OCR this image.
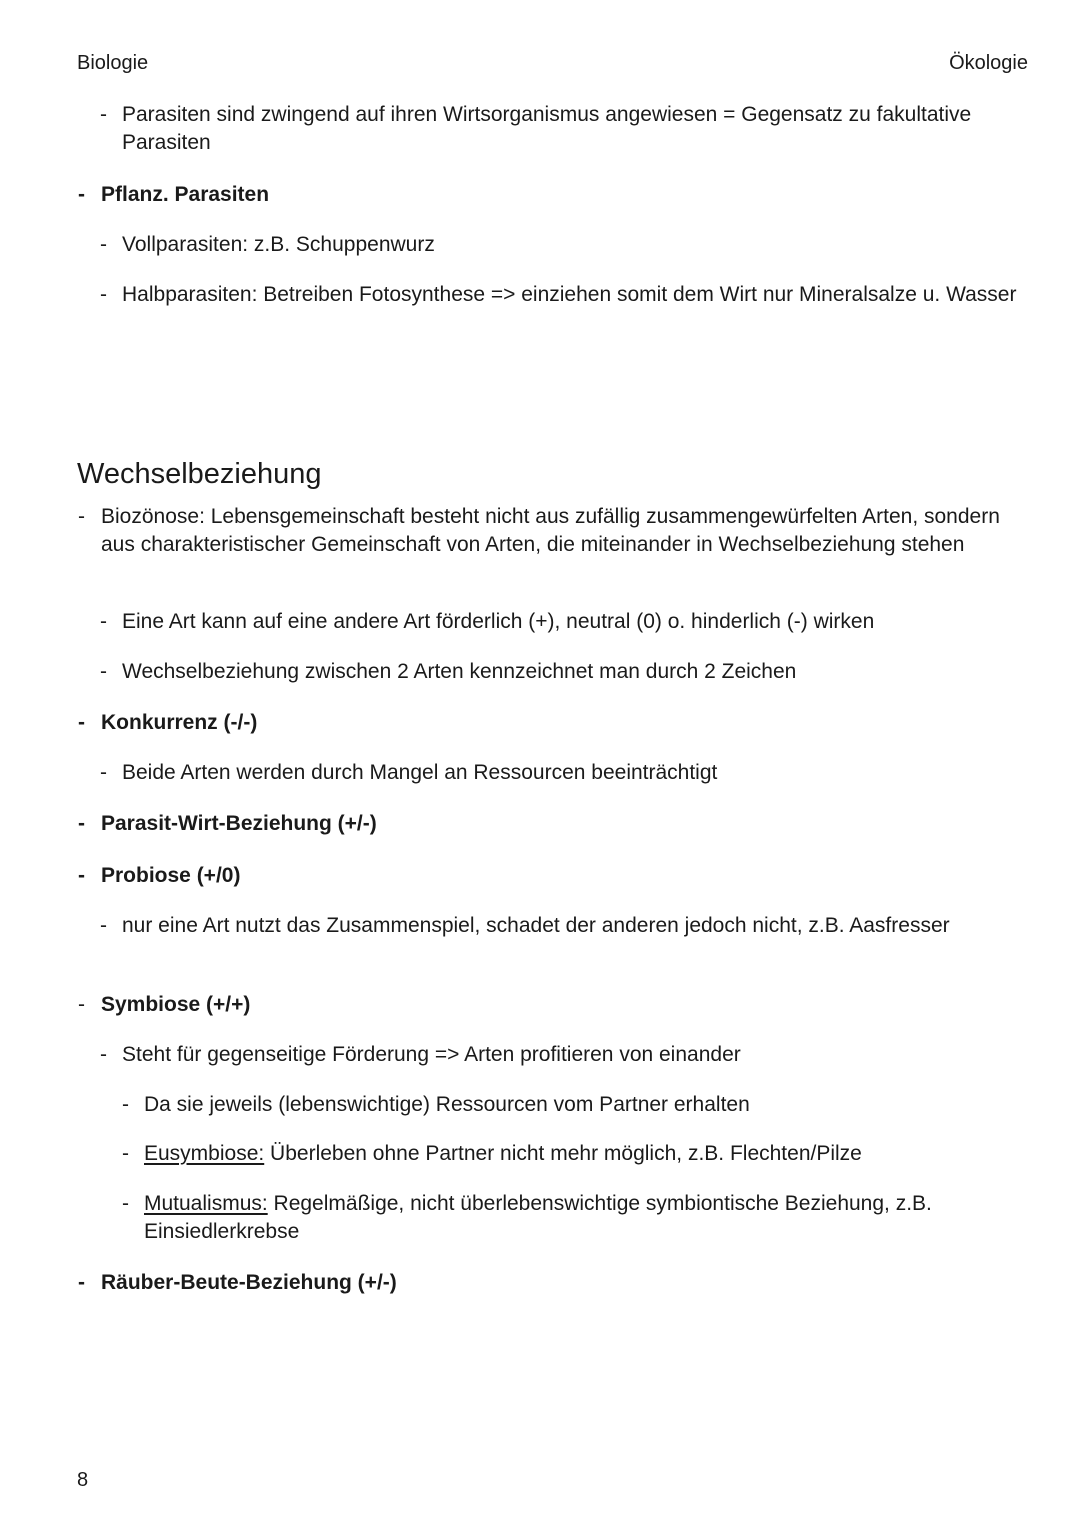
Biologie	Ökologie
- Parasiten sind zwingend auf ihren Wirtsorganismus angewiesen = Gegensatz zu fakultative Parasiten
- Pflanz. Parasiten
- Vollparasiten: z.B. Schuppenwurz
- Halbparasiten: Betreiben Fotosynthese => einziehen somit dem Wirt nur Mineralsalze u. Wasser
Wechselbeziehung
- Biozönose: Lebensgemeinschaft besteht nicht aus zufällig zusammengewürfelten Arten, sondern aus charakteristischer Gemeinschaft von Arten, die miteinander in Wechselbeziehung stehen
- Eine Art kann auf eine andere Art förderlich (+), neutral (0) o. hinderlich (-) wirken
- Wechselbeziehung zwischen 2 Arten kennzeichnet man durch 2 Zeichen
- Konkurrenz (-/-)
- Beide Arten werden durch Mangel an Ressourcen beeinträchtigt
- Parasit-Wirt-Beziehung (+/-)
- Probiose (+/0)
- nur eine Art nutzt das Zusammenspiel, schadet der anderen jedoch nicht, z.B. Aasfresser
- Symbiose (+/+)
- Steht für gegenseitige Förderung => Arten profitieren von einander
- Da sie jeweils (lebenswichtige) Ressourcen vom Partner erhalten
- Eusymbiose: Überleben ohne Partner nicht mehr möglich, z.B. Flechten/Pilze
- Mutualismus: Regelmäßige, nicht überlebenswichtige symbiontische Beziehung, z.B. Einsiedlerkrebse
- Räuber-Beute-Beziehung (+/-)
8
